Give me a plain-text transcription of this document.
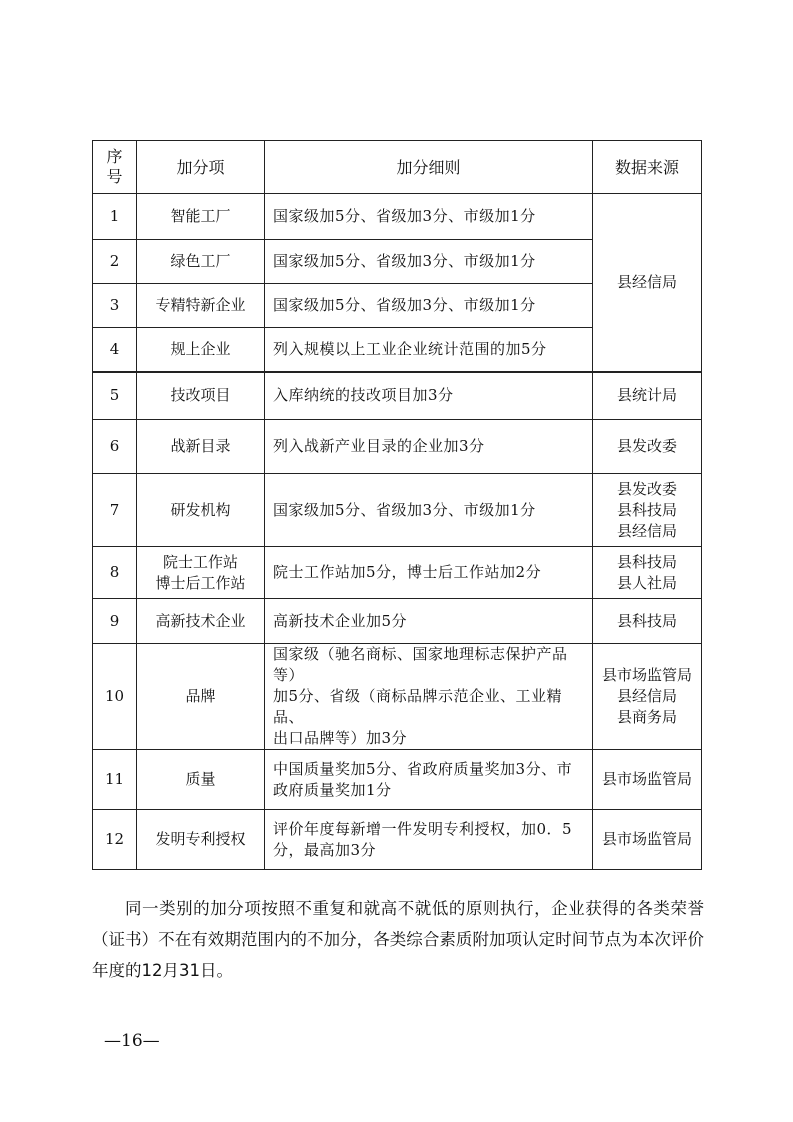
序
号	加分项	加分细则	数据来源
1	智能工厂	国家级加5分、省级加3分、市级加1分	县经信局
2	绿色工厂	国家级加5分、省级加3分、市级加1分	

3	专精特新企业	国家级加5分、省级加3分、市级加1分	

4	规上企业	列入规模以上工业企业统计范围的加5分	

5	技改项目	入库纳统的技改项目加3分	县统计局

6	战新目录	列入战新产业目录的企业加3分	县发改委

7	研发机构	国家级加5分、省级加3分、市级加1分	县发改委
县科技局
县经信局

8	院士工作站
博士后工作站	院士工作站加5分，博士后工作站加2分	县科技局
县人社局

9	高新技术企业	高新技术企业加5分	县科技局

10	品牌	国家级（驰名商标、国家地理标志保护产品等）
加5分、省级（商标品牌示范企业、工业精品、
出口品牌等）加3分	县市场监管局
县经信局
县商务局

11	质量	中国质量奖加5分、省政府质量奖加3分、市
政府质量奖加1分	县市场监管局

12	发明专利授权	评价年度每新增一件发明专利授权，加0．5
分，最高加3分	县市场监管局

同一类别的加分项按照不重复和就高不就低的原则执行，企业获得的各类荣誉（证书）不在有效期范围内的不加分，各类综合素质附加项认定时间节点为本次评价年度的12月31日。

—16—
